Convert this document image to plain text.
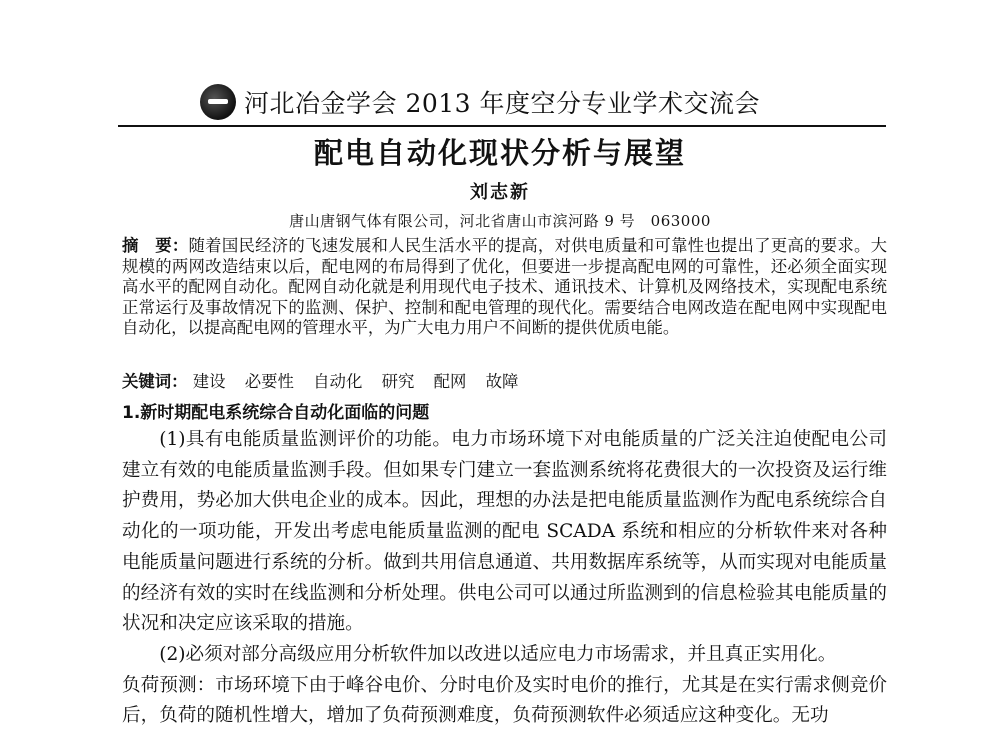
河北冶金学会 2013 年度空分专业学术交流会
配电自动化现状分析与展望
刘志新
唐山唐钢气体有限公司，河北省唐山市滨河路 9 号　063000
摘　要：随着国民经济的飞速发展和人民生活水平的提高，对供电质量和可靠性也提出了更高的要求。大规模的两网改造结束以后，配电网的布局得到了优化，但要进一步提高配电网的可靠性，还必须全面实现高水平的配网自动化。配网自动化就是利用现代电子技术、通讯技术、计算机及网络技术，实现配电系统正常运行及事故情况下的监测、保护、控制和配电管理的现代化。需要结合电网改造在配电网中实现配电自动化，以提高配电网的管理水平，为广大电力用户不间断的提供优质电能。
关键词： 建设 必要性 自动化 研究 配网 故障
1.新时期配电系统综合自动化面临的问题

(1)具有电能质量监测评价的功能。电力市场环境下对电能质量的广泛关注迫使配电公司建立有效的电能质量监测手段。但如果专门建立一套监测系统将花费很大的一次投资及运行维护费用，势必加大供电企业的成本。因此，理想的办法是把电能质量监测作为配电系统综合自动化的一项功能，开发出考虑电能质量监测的配电 SCADA 系统和相应的分析软件来对各种电能质量问题进行系统的分析。做到共用信息通道、共用数据库系统等，从而实现对电能质量的经济有效的实时在线监测和分析处理。供电公司可以通过所监测到的信息检验其电能质量的状况和决定应该采取的措施。

(2)必须对部分高级应用分析软件加以改进以适应电力市场需求，并且真正实用化。

负荷预测：市场环境下由于峰谷电价、分时电价及实时电价的推行，尤其是在实行需求侧竞价后，负荷的随机性增大，增加了负荷预测难度，负荷预测软件必须适应这种变化。无功
